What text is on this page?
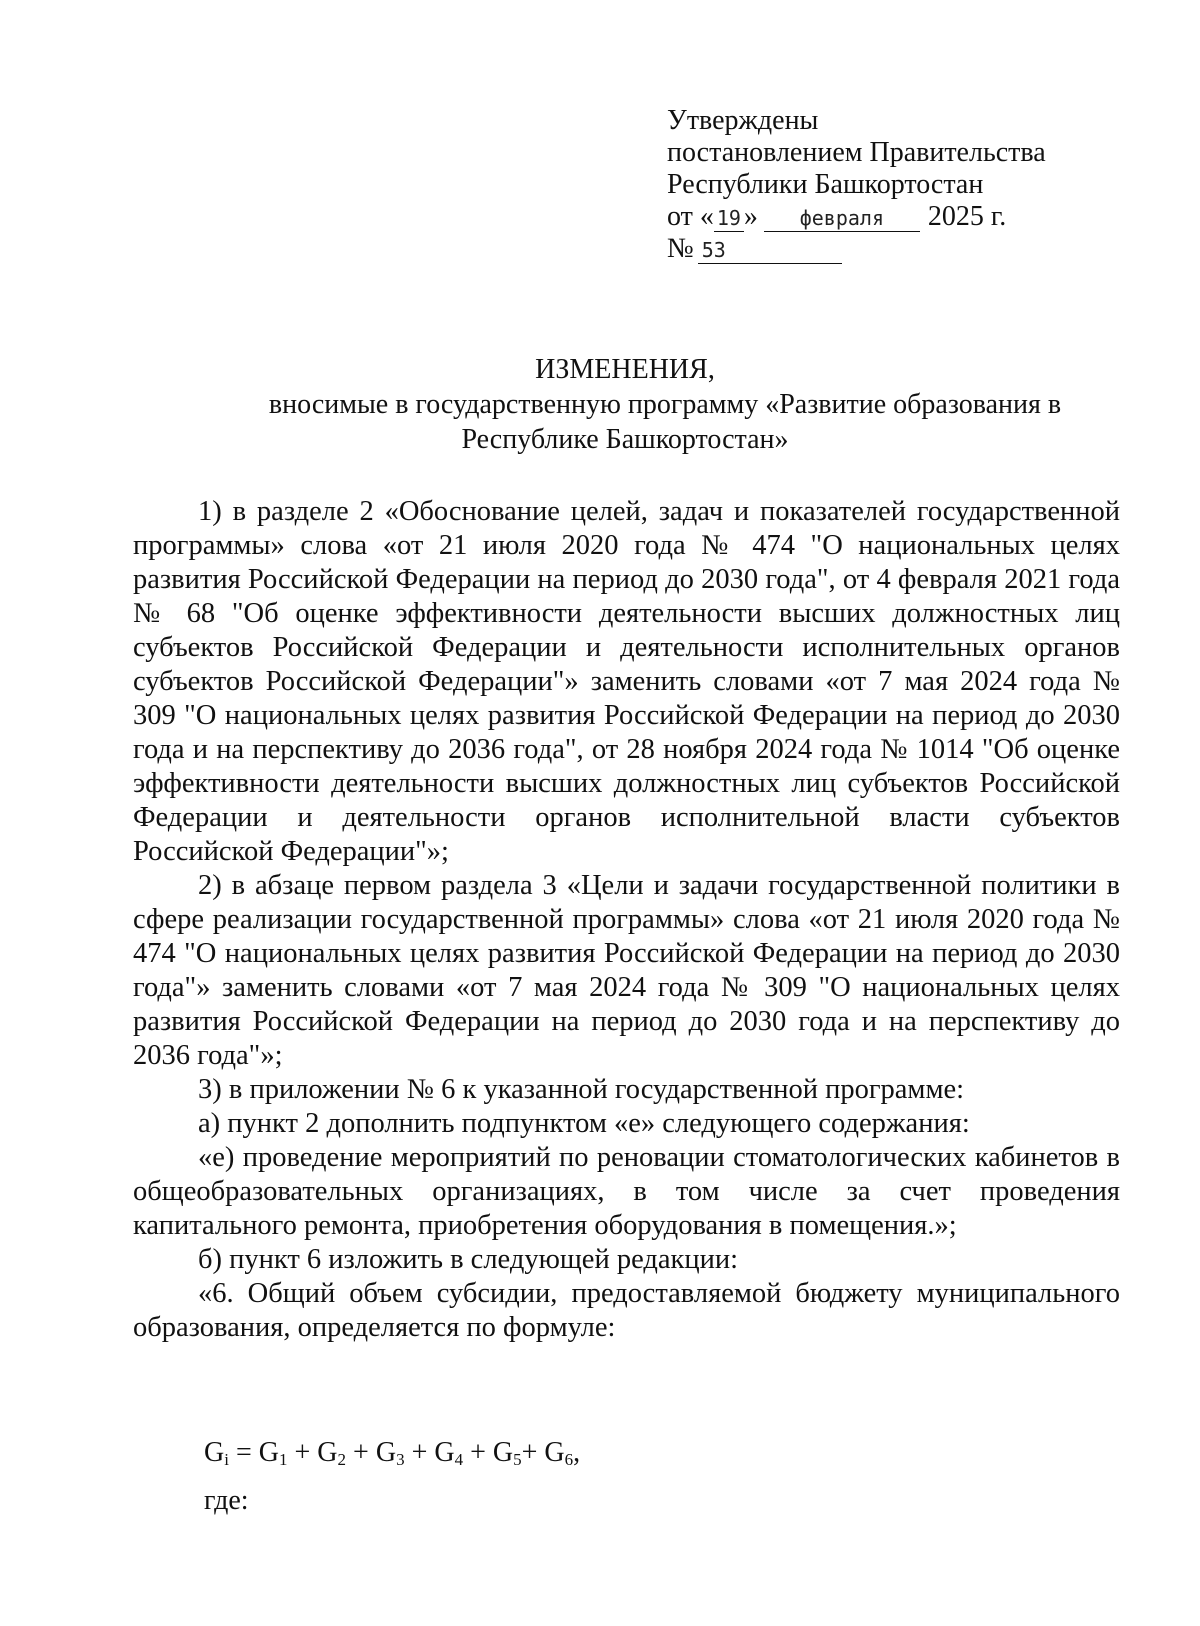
Утверждены
постановлением Правительства
Республики Башкортостан
от « 19 » февраля 2025 г.
№ 53
ИЗМЕНЕНИЯ,
вносимые в государственную программу «Развитие образования в
Республике Башкортостан»

1) в разделе 2 «Обоснование целей, задач и показателей государственной программы» слова «от 21 июля 2020 года № 474 "О национальных целях развития Российской Федерации на период до 2030 года", от 4 февраля 2021 года № 68 "Об оценке эффективности деятельности высших должностных лиц субъектов Российской Федерации и деятельности исполнительных органов субъектов Российской Федерации"» заменить словами «от 7 мая 2024 года № 309 "О национальных целях развития Российской Федерации на период до 2030 года и на перспективу до 2036 года", от 28 ноября 2024 года № 1014 "Об оценке эффективности деятельности высших должностных лиц субъектов Российской Федерации и деятельности органов исполнительной власти субъектов Российской Федерации"»;

2) в абзаце первом раздела 3 «Цели и задачи государственной политики в сфере реализации государственной программы» слова «от 21 июля 2020 года № 474 "О национальных целях развития Российской Федерации на период до 2030 года"» заменить словами «от 7 мая 2024 года № 309 "О национальных целях развития Российской Федерации на период до 2030 года и на перспективу до 2036 года"»;

3) в приложении № 6 к указанной государственной программе:

а) пункт 2 дополнить подпунктом «е» следующего содержания:

«е) проведение мероприятий по реновации стоматологических кабинетов в общеобразовательных организациях, в том числе за счет проведения капитального ремонта, приобретения оборудования в помещения.»;

б) пункт 6 изложить в следующей редакции:

«6. Общий объем субсидии, предоставляемой бюджету муниципального образования, определяется по формуле:

$G_i = G_1 + G_2 + G_3 + G_4 + G_5+ G_6$,
где:
